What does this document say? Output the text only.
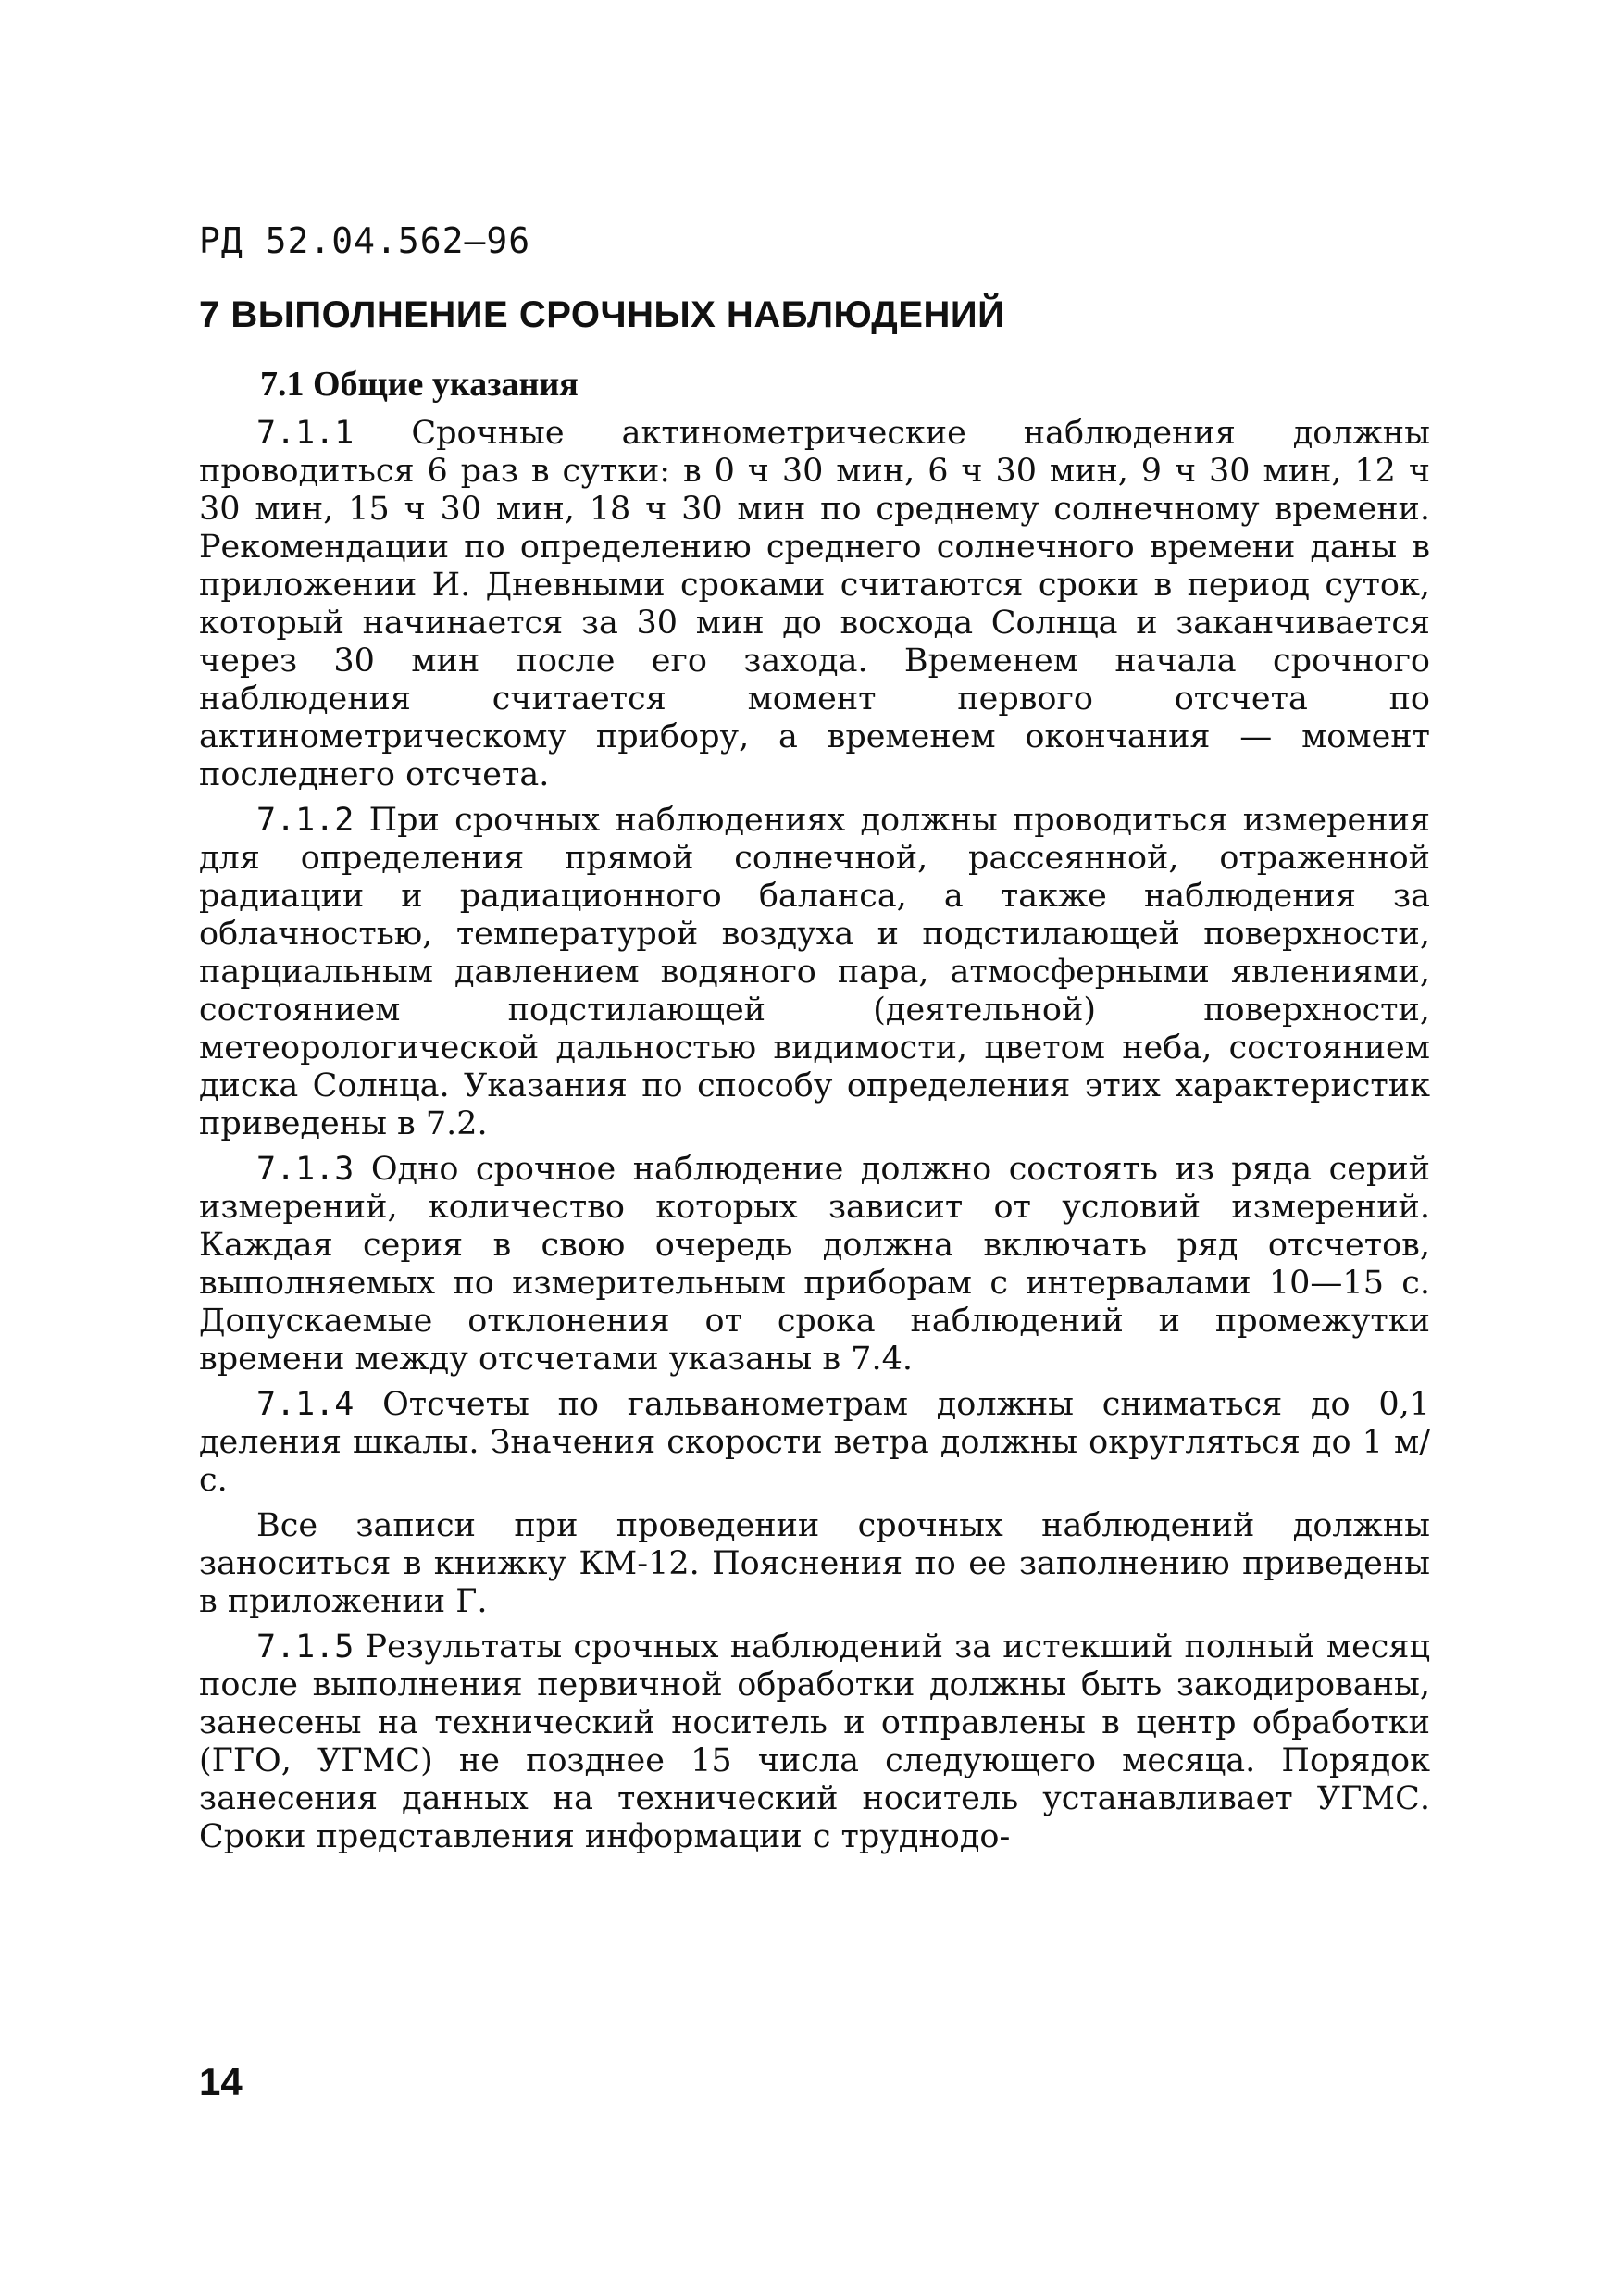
РД 52.04.562—96
7 ВЫПОЛНЕНИЕ СРОЧНЫХ НАБЛЮДЕНИЙ
7.1 Общие указания

7.1.1 Срочные актинометрические наблюдения должны проводиться 6 раз в сутки: в 0 ч 30 мин, 6 ч 30 мин, 9 ч 30 мин, 12 ч 30 мин, 15 ч 30 мин, 18 ч 30 мин по среднему солнечному времени. Рекомендации по определению среднего солнечного времени даны в приложении И. Дневными сроками считаются сроки в период суток, который начинается за 30 мин до восхода Солнца и заканчивается через 30 мин после его захода. Временем начала срочного наблюдения считается момент первого отсчета по актинометрическому прибору, а временем окончания — момент последнего отсчета.

7.1.2 При срочных наблюдениях должны проводиться измерения для определения прямой солнечной, рассеянной, отраженной радиации и радиационного баланса, а также наблюдения за облачностью, температурой воздуха и подстилающей поверхности, парциальным давлением водяного пара, атмосферными явлениями, состоянием подстилающей (деятельной) поверхности, метеорологической дальностью видимости, цветом неба, состоянием диска Солнца. Указания по способу определения этих характеристик приведены в 7.2.

7.1.3 Одно срочное наблюдение должно состоять из ряда серий измерений, количество которых зависит от условий измерений. Каждая серия в свою очередь должна включать ряд отсчетов, выполняемых по измерительным приборам с интервалами 10—15 с. Допускаемые отклонения от срока наблюдений и промежутки времени между отсчетами указаны в 7.4.

7.1.4 Отсчеты по гальванометрам должны сниматься до 0,1 деления шкалы. Значения скорости ветра должны округляться до 1 м/с.

Все записи при проведении срочных наблюдений должны заноситься в книжку КМ-12. Пояснения по ее заполнению приведены в приложении Г.

7.1.5 Результаты срочных наблюдений за истекший полный месяц после выполнения первичной обработки должны быть закодированы, занесены на технический носитель и отправлены в центр обработки (ГГО, УГМС) не позднее 15 числа следующего месяца. Порядок занесения данных на технический носитель устанавливает УГМС. Сроки представления информации с труднодо-

14
